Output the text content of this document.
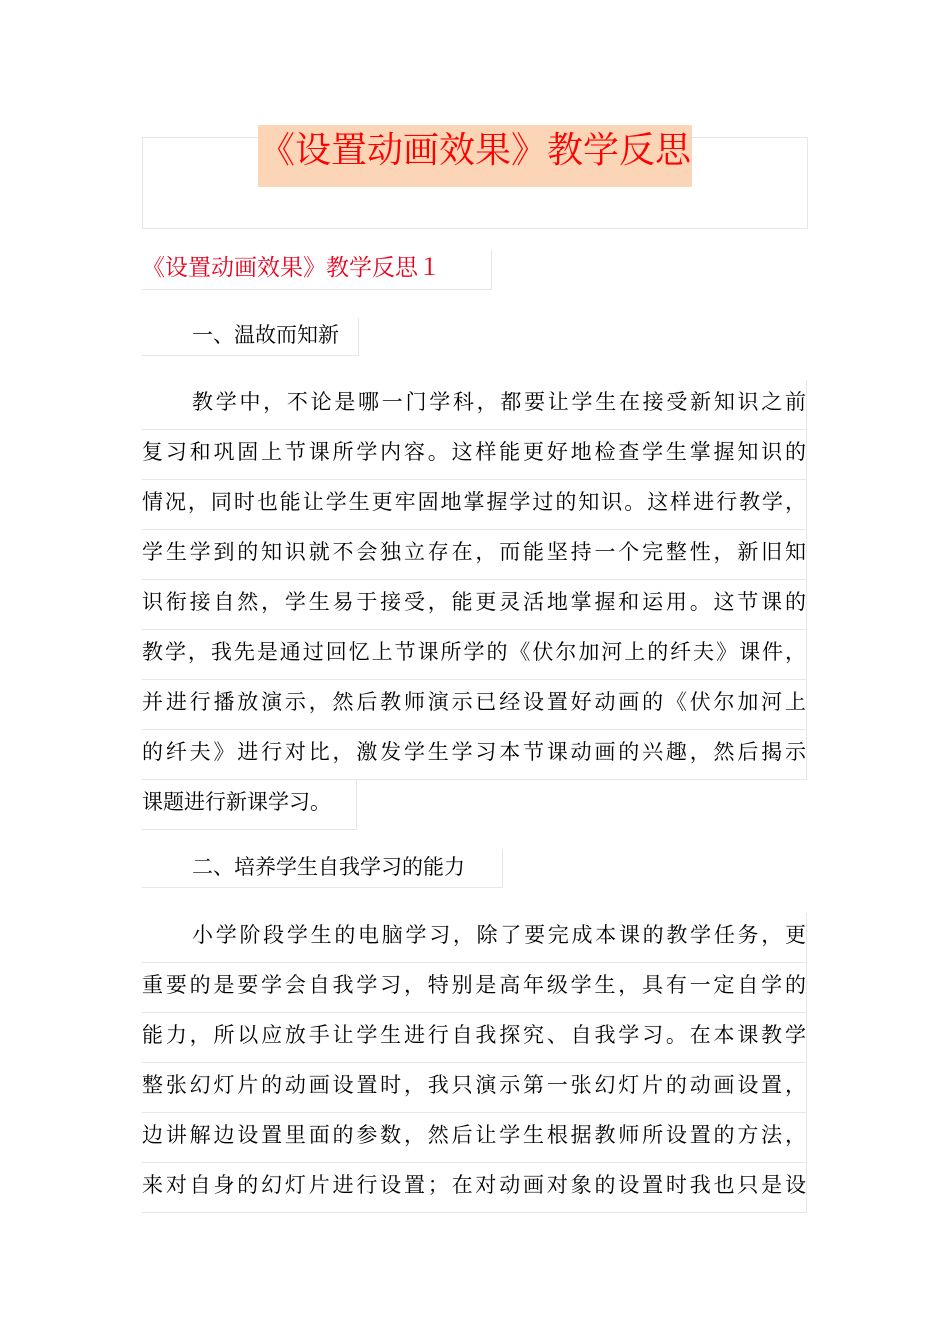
《设置动画效果》教学反思
《设置动画效果》教学反思１
一、温故而知新
教学中，不论是哪一门学科，都要让学生在接受新知识之前
复习和巩固上节课所学内容。这样能更好地检查学生掌握知识的
情况，同时也能让学生更牢固地掌握学过的知识。这样进行教学，
学生学到的知识就不会独立存在，而能坚持一个完整性，新旧知
识衔接自然，学生易于接受，能更灵活地掌握和运用。这节课的
教学，我先是通过回忆上节课所学的《伏尔加河上的纤夫》课件，
并进行播放演示，然后教师演示已经设置好动画的《伏尔加河上
的纤夫》进行对比，激发学生学习本节课动画的兴趣，然后揭示
课题进行新课学习。
二、培养学生自我学习的能力
小学阶段学生的电脑学习，除了要完成本课的教学任务，更
重要的是要学会自我学习，特别是高年级学生，具有一定自学的
能力，所以应放手让学生进行自我探究、自我学习。在本课教学
整张幻灯片的动画设置时，我只演示第一张幻灯片的动画设置，
边讲解边设置里面的参数，然后让学生根据教师所设置的方法，
来对自身的幻灯片进行设置；在对动画对象的设置时我也只是设
